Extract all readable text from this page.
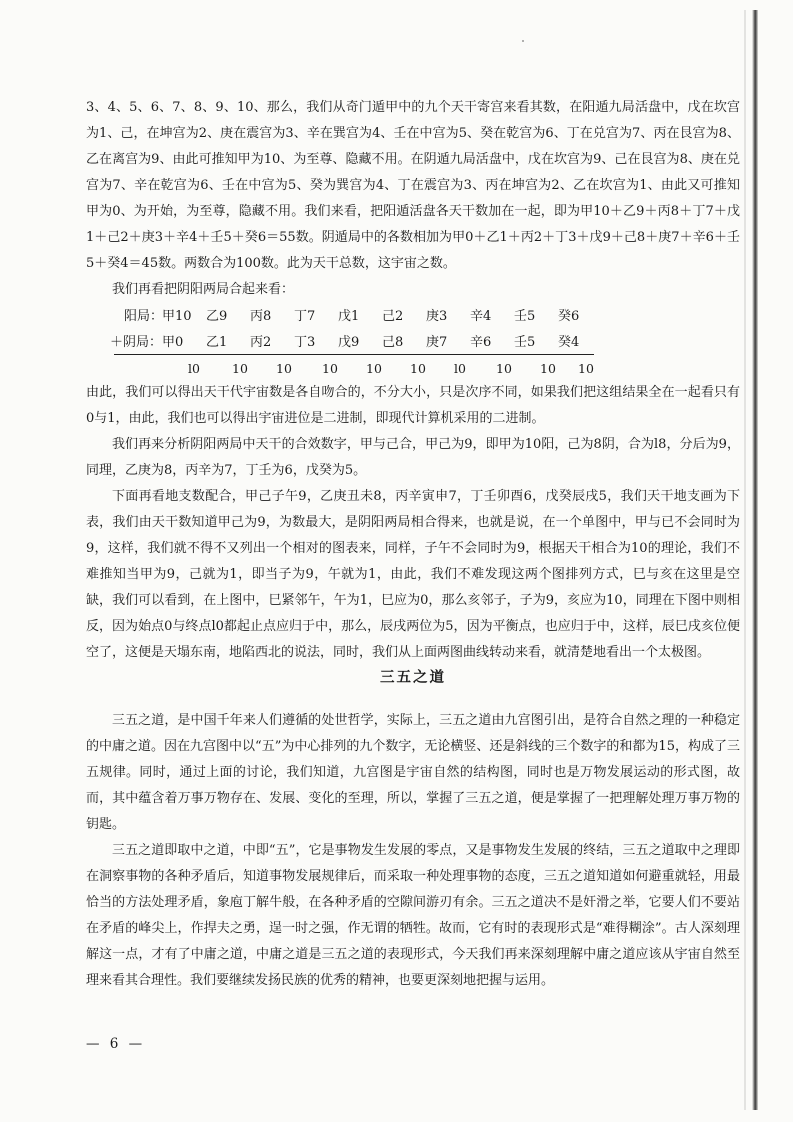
3、4、5、6、7、8、9、10、那么，我们从奇门遁甲中的九个天干寄宫来看其数，在阳遁九局活盘中，戊在坎宫为1、己，在坤宫为2、庚在震宫为3、辛在巽宫为4、壬在中宫为5、癸在乾宫为6、丁在兑宫为7、丙在艮宫为8、乙在离宫为9、由此可推知甲为10、为至尊、隐藏不用。在阴遁九局活盘中，戊在坎宫为9、己在艮宫为8、庚在兑宫为7、辛在乾宫为6、壬在中宫为5、癸为巽宫为4、丁在震宫为3、丙在坤宫为2、乙在坎宫为1、由此又可推知甲为0、为开始，为至尊，隐藏不用。我们来看，把阳遁活盘各天干数加在一起，即为甲10＋乙9＋丙8＋丁7＋戊1＋己2＋庚3＋辛4＋壬5＋癸6＝55数。阴遁局中的各数相加为甲0＋乙1＋丙2＋丁3＋戊9＋己8＋庚7＋辛6＋壬5＋癸4＝45数。两数合为100数。此为天干总数，这宇宙之数。

我们再看把阴阳两局合起来看：

阳局：
甲10 乙9 丙8 丁7 戊1 己2 庚3 辛4 壬5 癸6
＋阴局： 甲0 乙1 丙2 丁3 戊9 己8 庚7 辛6 壬5 癸4
l0	10 10 10 10 10 l0 10 10 10

由此，我们可以得出天干代宇宙数是各自吻合的，不分大小，只是次序不同，如果我们把这组结果全在一起看只有0与1，由此，我们也可以得出宇宙进位是二进制，即现代计算机采用的二进制。

我们再来分析阴阳两局中天干的合效数字，甲与己合，甲己为9，即甲为10阳，己为8阴，合为l8，分后为9，同理，乙庚为8，丙辛为7，丁壬为6，戊癸为5。

下面再看地支数配合，甲己子午9，乙庚丑未8，丙辛寅申7，丁壬卯酉6，戊癸辰戌5，我们天干地支画为下表，我们由天干数知道甲己为9，为数最大，是阴阳两局相合得来，也就是说，在一个单图中，甲与已不会同时为9，这样，我们就不得不又列出一个相对的图表来，同样，子午不会同时为9，根据天干相合为10的理论，我们不难推知当甲为9，己就为1，即当子为9，午就为1，由此，我们不难发现这两个图排列方式，巳与亥在这里是空缺，我们可以看到，在上图中，巳紧邻午，午为1，巳应为0，那么亥邻子，子为9，亥应为10，同理在下图中则相反，因为始点0与终点l0都起止点应归于中，那么，辰戌两位为5，因为平衡点，也应归于中，这样，辰巳戌亥位便空了，这便是天塌东南，地陷西北的说法，同时，我们从上面两图曲线转动来看，就清楚地看出一个太极图。

三五之道

三五之道，是中国千年来人们遵循的处世哲学，实际上，三五之道由九宫图引出，是符合自然之理的一种稳定的中庸之道。因在九宫图中以“五”为中心排列的九个数字，无论横竖、还是斜线的三个数字的和都为15，构成了三五规律。同时，通过上面的讨论，我们知道，九宫图是宇宙自然的结构图，同时也是万物发展运动的形式图，故而，其中蕴含着万事万物存在、发展、变化的至理，所以，掌握了三五之道，便是掌握了一把理解处理万事万物的钥匙。

三五之道即取中之道，中即“五”，它是事物发生发展的零点，又是事物发生发展的终结，三五之道取中之理即在洞察事物的各种矛盾后，知道事物发展规律后，而采取一种处理事物的态度，三五之道知道如何避重就轻，用最恰当的方法处理矛盾，象庖丁解牛般，在各种矛盾的空隙间游刃有余。三五之道决不是奸滑之举，它要人们不要站在矛盾的峰尖上，作捍夫之勇，逞一时之强，作无谓的牺牲。故而，它有时的表现形式是“难得糊涂”。古人深刻理解这一点，才有了中庸之道，中庸之道是三五之道的表现形式，今天我们再来深刻理解中庸之道应该从宇宙自然至理来看其合理性。我们要继续发扬民族的优秀的精神，也要更深刻地把握与运用。

— 6 —
